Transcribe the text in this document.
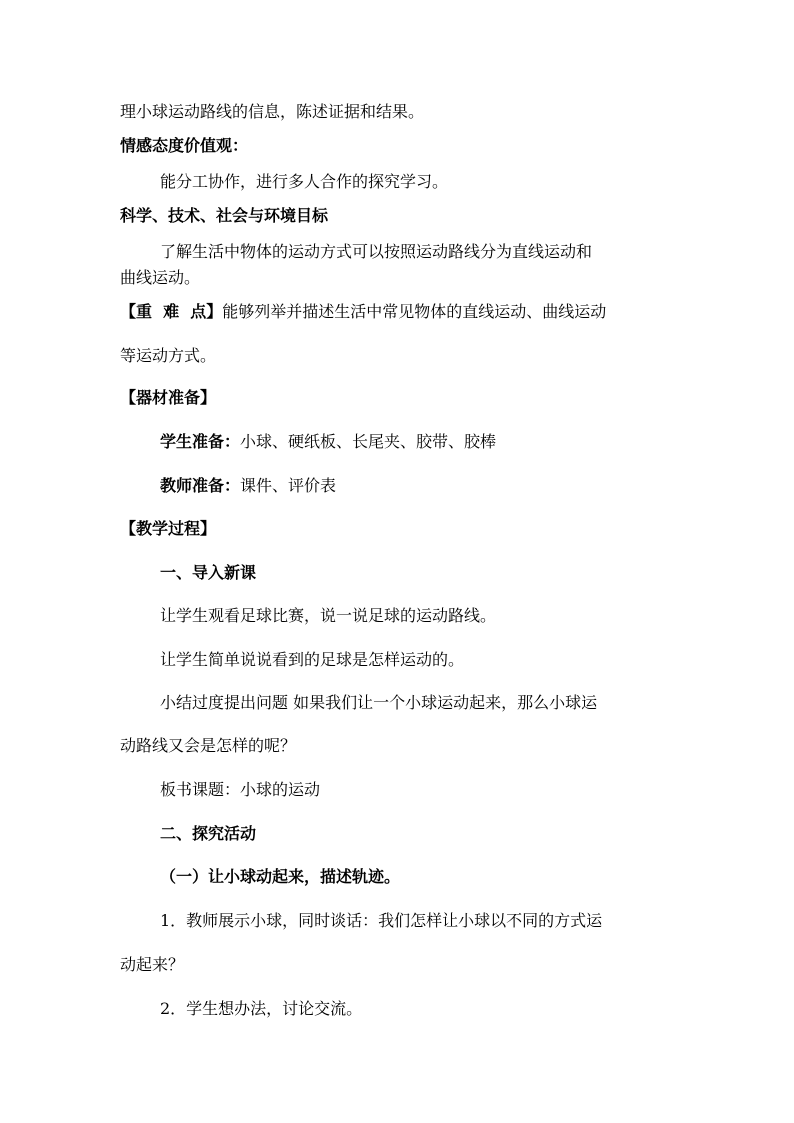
理小球运动路线的信息，陈述证据和结果。
情感态度价值观：
能分工协作，进行多人合作的探究学习。
科学、技术、社会与环境目标
了解生活中物体的运动方式可以按照运动路线分为直线运动和
曲线运动。
【重  难  点】能够列举并描述生活中常见物体的直线运动、曲线运动
等运动方式。
【器材准备】
学生准备：小球、硬纸板、长尾夹、胶带、胶棒
教师准备：课件、评价表
【教学过程】
一、导入新课
让学生观看足球比赛，说一说足球的运动路线。
让学生简单说说看到的足球是怎样运动的。
小结过度提出问题 如果我们让一个小球运动起来，那么小球运
动路线又会是怎样的呢？
板书课题：小球的运动
二、探究活动
（一）让小球动起来，描述轨迹。
1．教师展示小球，同时谈话：我们怎样让小球以不同的方式运
动起来？
2．学生想办法，讨论交流。
